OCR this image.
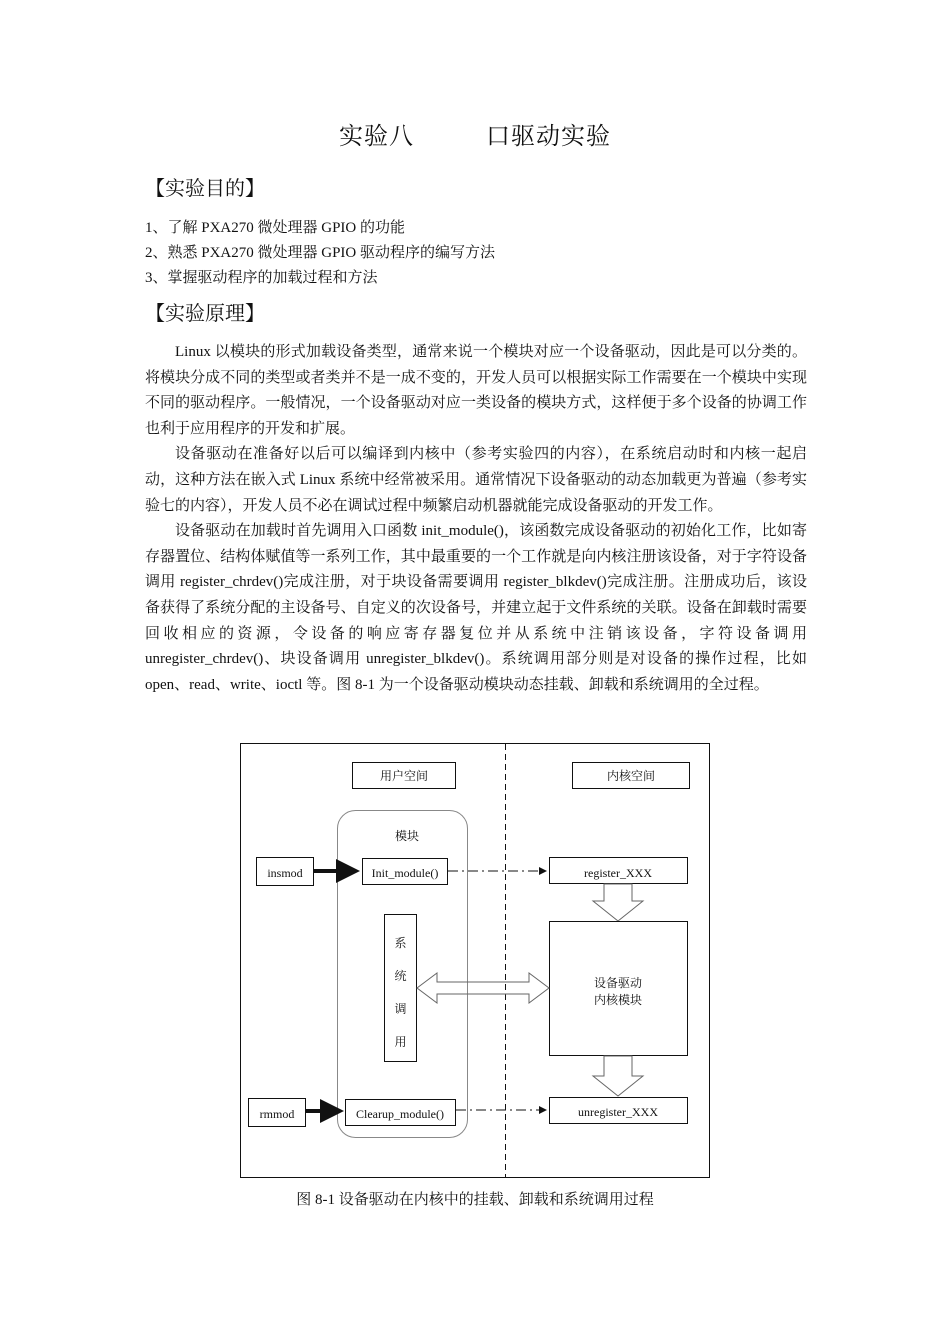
实验八	口驱动实验
【实验目的】
1、了解 PXA270 微处理器 GPIO 的功能
2、熟悉 PXA270 微处理器 GPIO 驱动程序的编写方法
3、掌握驱动程序的加载过程和方法
【实验原理】

Linux 以模块的形式加载设备类型，通常来说一个模块对应一个设备驱动，因此是可以分类的。将模块分成不同的类型或者类并不是一成不变的，开发人员可以根据实际工作需要在一个模块中实现不同的驱动程序。一般情况，一个设备驱动对应一类设备的模块方式，这样便于多个设备的协调工作也利于应用程序的开发和扩展。

设备驱动在准备好以后可以编译到内核中（参考实验四的内容），在系统启动时和内核一起启动，这种方法在嵌入式 Linux 系统中经常被采用。通常情况下设备驱动的动态加载更为普遍（参考实验七的内容），开发人员不必在调试过程中频繁启动机器就能完成设备驱动的开发工作。

设备驱动在加载时首先调用入口函数 init_module()，该函数完成设备驱动的初始化工作，比如寄存器置位、结构体赋值等一系列工作，其中最重要的一个工作就是向内核注册该设备，对于字符设备调用 register_chrdev()完成注册，对于块设备需要调用 register_blkdev()完成注册。注册成功后，该设备获得了系统分配的主设备号、自定义的次设备号，并建立起于文件系统的关联。设备在卸载时需要回收相应的资源，令设备的响应寄存器复位并从系统中注销该设备，字符设备调用 unregister_chrdev()、块设备调用 unregister_blkdev()。系统调用部分则是对设备的操作过程，比如 open、read、write、ioctl 等。图 8-1 为一个设备驱动模块动态挂载、卸载和系统调用的全过程。

用户空间	内核空间
模块
insmod	Init_module()	register_XXX
设备驱动
内核模块
系
统
调
用
rmmod	Clearup_module()	unregister_XXX
图 8-1 设备驱动在内核中的挂载、卸载和系统调用过程
